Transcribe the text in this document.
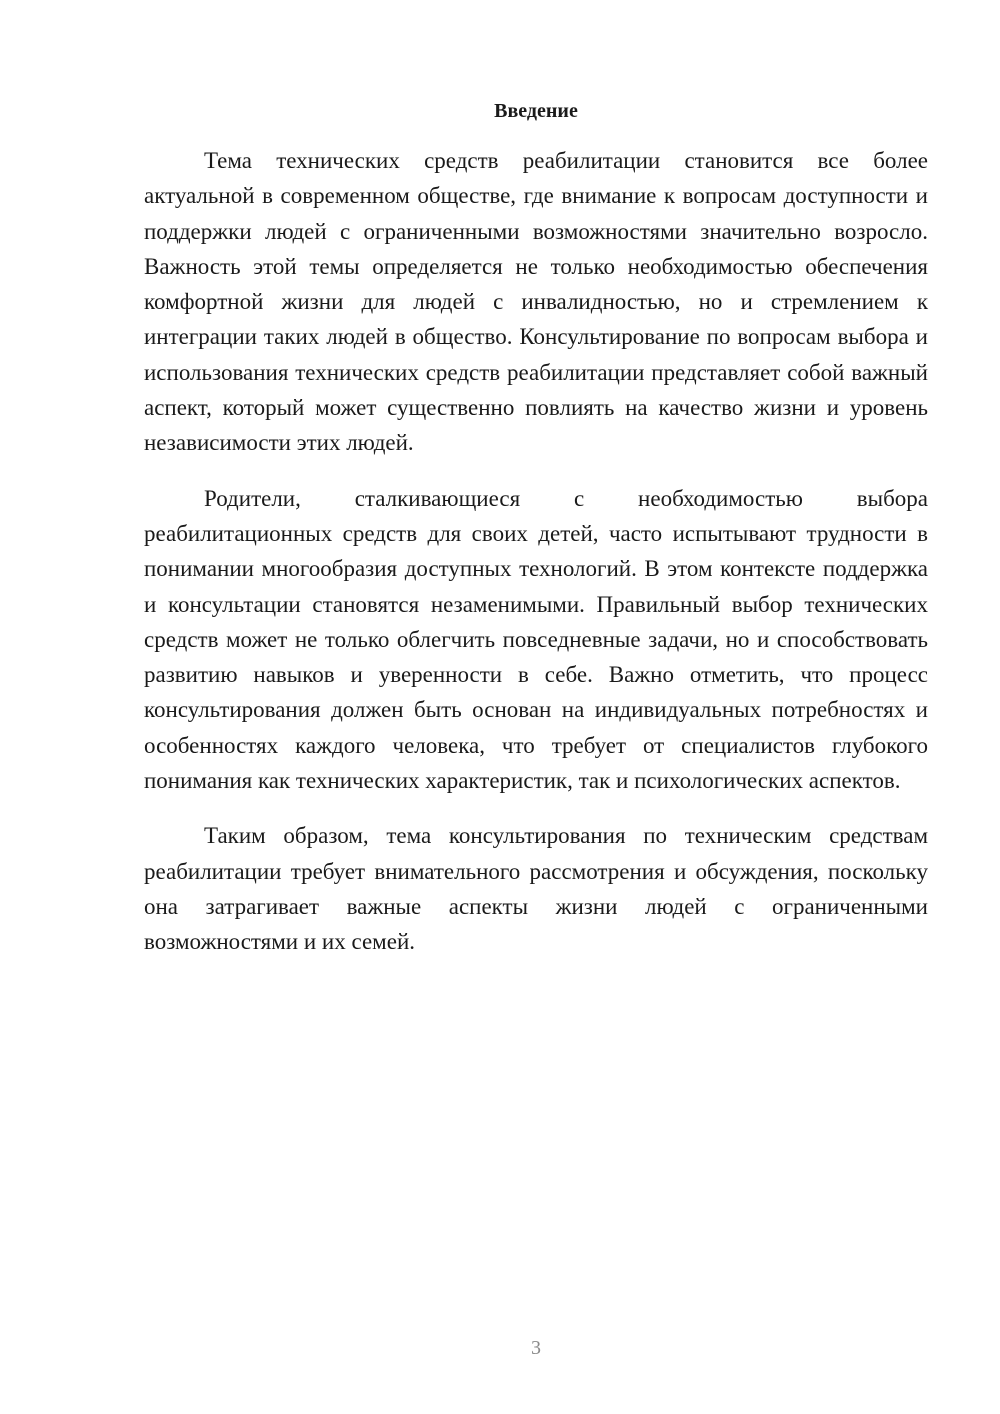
Введение

Тема технических средств реабилитации становится все более актуальной в современном обществе, где внимание к вопросам доступности и поддержки людей с ограниченными возможностями значительно возросло. Важность этой темы определяется не только необходимостью обеспечения комфортной жизни для людей с инвалидностью, но и стремлением к интеграции таких людей в общество. Консультирование по вопросам выбора и использования технических средств реабилитации представляет собой важный аспект, который может существенно повлиять на качество жизни и уровень независимости этих людей.

Родители, сталкивающиеся с необходимостью выбора реабилитационных средств для своих детей, часто испытывают трудности в понимании многообразия доступных технологий. В этом контексте поддержка и консультации становятся незаменимыми. Правильный выбор технических средств может не только облегчить повседневные задачи, но и способствовать развитию навыков и уверенности в себе. Важно отметить, что процесс консультирования должен быть основан на индивидуальных потребностях и особенностях каждого человека, что требует от специалистов глубокого понимания как технических характеристик, так и психологических аспектов.

Таким образом, тема консультирования по техническим средствам реабилитации требует внимательного рассмотрения и обсуждения, поскольку она затрагивает важные аспекты жизни людей с ограниченными возможностями и их семей.

3
